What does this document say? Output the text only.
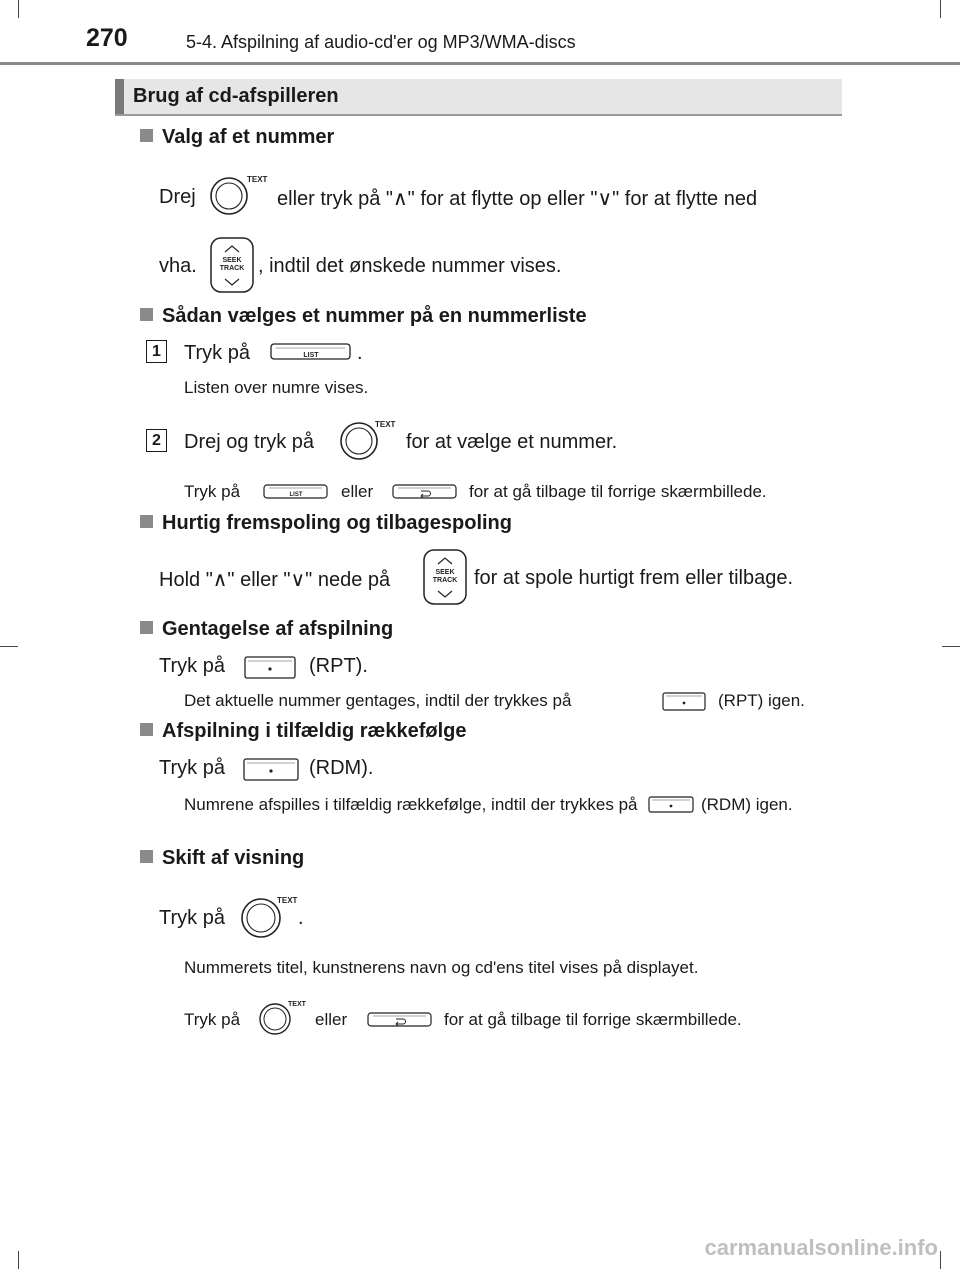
270	5-4. Afspilning af audio-cd'er og MP3/WMA-discs
Brug af cd-afspilleren
Valg af et nummer
Drej
TEXT
eller tryk på "∧" for at flytte op eller "∨" for at flytte ned
vha.	SEEK
TRACK , indtil det ønskede nummer vises.
Sådan vælges et nummer på en nummerliste
1	Tryk på	LIST .
Listen over numre vises.
2	Drej og tryk på
TEXT
for at vælge et nummer.
Tryk på	LIST eller	for at gå tilbage til forrige skærmbillede.
Hurtig fremspoling og tilbagespoling
Hold "∧" eller "∨" nede på	SEEK
TRACK for at spole hurtigt frem eller tilbage.
Gentagelse af afspilning
Tryk på	(RPT).
Det aktuelle nummer gentages, indtil der trykkes på	(RPT) igen.
Afspilning i tilfældig rækkefølge
Tryk på	(RDM).
Numrene afspilles i tilfældig rækkefølge, indtil der trykkes på	(RDM) igen.
Skift af visning
Tryk på
TEXT
.
Nummerets titel, kunstnerens navn og cd'ens titel vises på displayet.
Tryk på
TEXT
eller	for at gå tilbage til forrige skærmbillede.
carmanualsonline.info
